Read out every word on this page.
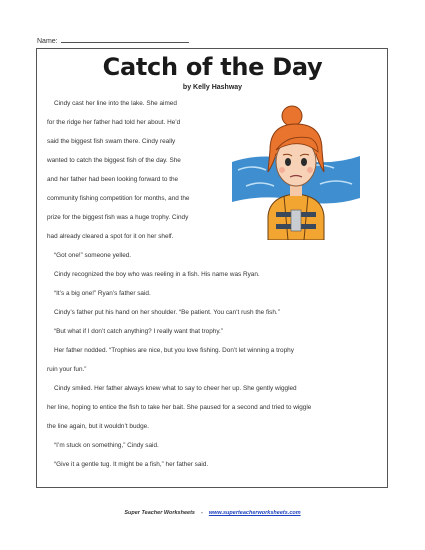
Name:
Catch of the Day
by Kelly Hashway
Cindy cast her line into the lake. She aimed
for the ridge her father had told her about. He’d
said the biggest fish swam there. Cindy really
wanted to catch the biggest fish of the day. She
and her father had been looking forward to the
community fishing competition for months, and the
prize for the biggest fish was a huge trophy. Cindy
had already cleared a spot for it on her shelf.
“Got one!” someone yelled.
Cindy recognized the boy who was reeling in a fish. His name was Ryan.
“It’s a big one!” Ryan’s father said.
Cindy’s father put his hand on her shoulder. “Be patient. You can’t rush the fish.”
“But what if I don’t catch anything? I really want that trophy.”
Her father nodded. “Trophies are nice, but you love fishing. Don’t let winning a trophy
ruin your fun.”
Cindy smiled. Her father always knew what to say to cheer her up. She gently wiggled
her line, hoping to entice the fish to take her bait. She paused for a second and tried to wiggle
the line again, but it wouldn’t budge.
“I’m stuck on something,” Cindy said.
“Give it a gentle tug. It might be a fish,” her father said.
Super Teacher Worksheets - www.superteacherworksheets.com
